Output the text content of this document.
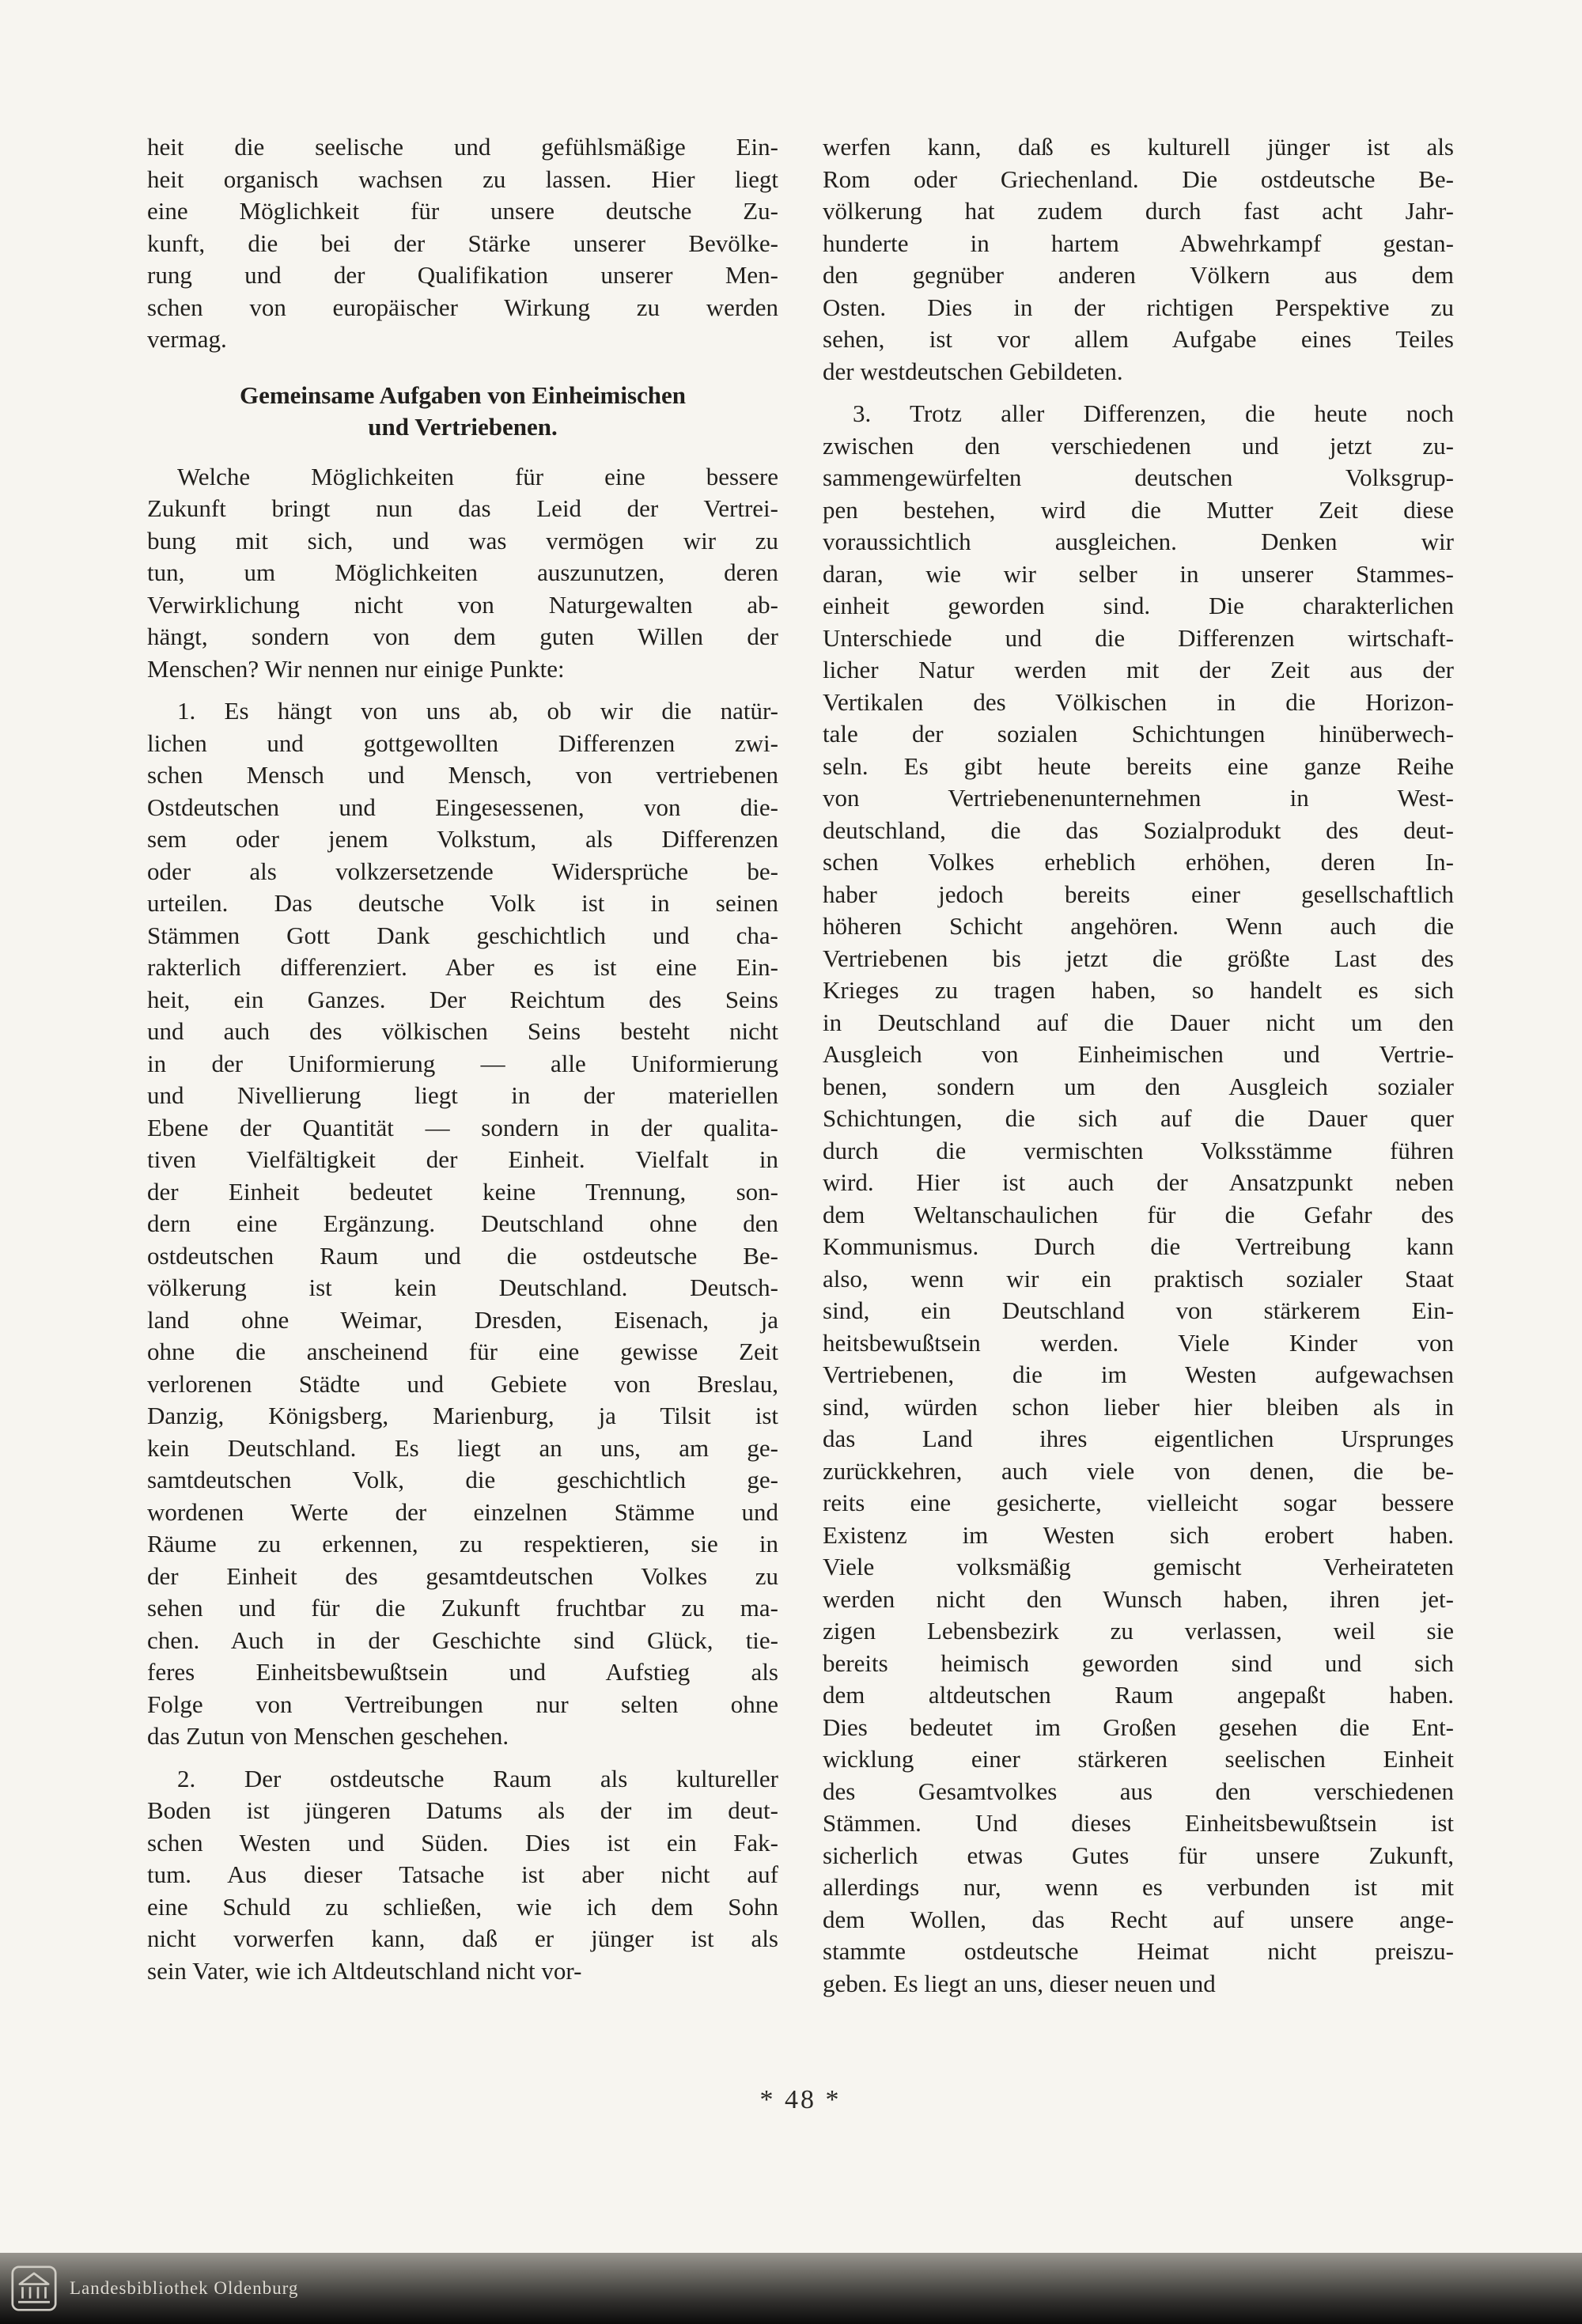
heit die seelische und gefühlsmäßige Ein-
heit organisch wachsen zu lassen. Hier liegt
eine Möglichkeit für unsere deutsche Zu-
kunft, die bei der Stärke unserer Bevölke-
rung und der Qualifikation unserer Men-
schen von europäischer Wirkung zu werden
vermag.
Gemeinsame Aufgaben von Einheimischen
und Vertriebenen.
Welche Möglichkeiten für eine bessere
Zukunft bringt nun das Leid der Vertrei-
bung mit sich, und was vermögen wir zu
tun, um Möglichkeiten auszunutzen, deren
Verwirklichung nicht von Naturgewalten ab-
hängt, sondern von dem guten Willen der
Menschen? Wir nennen nur einige Punkte:
1. Es hängt von uns ab, ob wir die natür-
lichen und gottgewollten Differenzen zwi-
schen Mensch und Mensch, von vertriebenen
Ostdeutschen und Eingesessenen, von die-
sem oder jenem Volkstum, als Differenzen
oder als volkzersetzende Widersprüche be-
urteilen. Das deutsche Volk ist in seinen
Stämmen Gott Dank geschichtlich und cha-
rakterlich differenziert. Aber es ist eine Ein-
heit, ein Ganzes. Der Reichtum des Seins
und auch des völkischen Seins besteht nicht
in der Uniformierung — alle Uniformierung
und Nivellierung liegt in der materiellen
Ebene der Quantität — sondern in der qualita-
tiven Vielfältigkeit der Einheit. Vielfalt in
der Einheit bedeutet keine Trennung, son-
dern eine Ergänzung. Deutschland ohne den
ostdeutschen Raum und die ostdeutsche Be-
völkerung ist kein Deutschland. Deutsch-
land ohne Weimar, Dresden, Eisenach, ja
ohne die anscheinend für eine gewisse Zeit
verlorenen Städte und Gebiete von Breslau,
Danzig, Königsberg, Marienburg, ja Tilsit ist
kein Deutschland. Es liegt an uns, am ge-
samtdeutschen Volk, die geschichtlich ge-
wordenen Werte der einzelnen Stämme und
Räume zu erkennen, zu respektieren, sie in
der Einheit des gesamtdeutschen Volkes zu
sehen und für die Zukunft fruchtbar zu ma-
chen. Auch in der Geschichte sind Glück, tie-
feres Einheitsbewußtsein und Aufstieg als
Folge von Vertreibungen nur selten ohne
das Zutun von Menschen geschehen.
2. Der ostdeutsche Raum als kultureller
Boden ist jüngeren Datums als der im deut-
schen Westen und Süden. Dies ist ein Fak-
tum. Aus dieser Tatsache ist aber nicht auf
eine Schuld zu schließen, wie ich dem Sohn
nicht vorwerfen kann, daß er jünger ist als
sein Vater, wie ich Altdeutschland nicht vor-
werfen kann, daß es kulturell jünger ist als
Rom oder Griechenland. Die ostdeutsche Be-
völkerung hat zudem durch fast acht Jahr-
hunderte in hartem Abwehrkampf gestan-
den gegnüber anderen Völkern aus dem
Osten. Dies in der richtigen Perspektive zu
sehen, ist vor allem Aufgabe eines Teiles
der westdeutschen Gebildeten.
3. Trotz aller Differenzen, die heute noch
zwischen den verschiedenen und jetzt zu-
sammengewürfelten deutschen Volksgrup-
pen bestehen, wird die Mutter Zeit diese
voraussichtlich ausgleichen. Denken wir
daran, wie wir selber in unserer Stammes-
einheit geworden sind. Die charakterlichen
Unterschiede und die Differenzen wirtschaft-
licher Natur werden mit der Zeit aus der
Vertikalen des Völkischen in die Horizon-
tale der sozialen Schichtungen hinüberwech-
seln. Es gibt heute bereits eine ganze Reihe
von Vertriebenenunternehmen in West-
deutschland, die das Sozialprodukt des deut-
schen Volkes erheblich erhöhen, deren In-
haber jedoch bereits einer gesellschaftlich
höheren Schicht angehören. Wenn auch die
Vertriebenen bis jetzt die größte Last des
Krieges zu tragen haben, so handelt es sich
in Deutschland auf die Dauer nicht um den
Ausgleich von Einheimischen und Vertrie-
benen, sondern um den Ausgleich sozialer
Schichtungen, die sich auf die Dauer quer
durch die vermischten Volksstämme führen
wird. Hier ist auch der Ansatzpunkt neben
dem Weltanschaulichen für die Gefahr des
Kommunismus. Durch die Vertreibung kann
also, wenn wir ein praktisch sozialer Staat
sind, ein Deutschland von stärkerem Ein-
heitsbewußtsein werden. Viele Kinder von
Vertriebenen, die im Westen aufgewachsen
sind, würden schon lieber hier bleiben als in
das Land ihres eigentlichen Ursprunges
zurückkehren, auch viele von denen, die be-
reits eine gesicherte, vielleicht sogar bessere
Existenz im Westen sich erobert haben.
Viele volksmäßig gemischt Verheirateten
werden nicht den Wunsch haben, ihren jet-
zigen Lebensbezirk zu verlassen, weil sie
bereits heimisch geworden sind und sich
dem altdeutschen Raum angepaßt haben.
Dies bedeutet im Großen gesehen die Ent-
wicklung einer stärkeren seelischen Einheit
des Gesamtvolkes aus den verschiedenen
Stämmen. Und dieses Einheitsbewußtsein ist
sicherlich etwas Gutes für unsere Zukunft,
allerdings nur, wenn es verbunden ist mit
dem Wollen, das Recht auf unsere ange-
stammte ostdeutsche Heimat nicht preiszu-
geben. Es liegt an uns, dieser neuen und
* 48 *
Landesbibliothek Oldenburg
